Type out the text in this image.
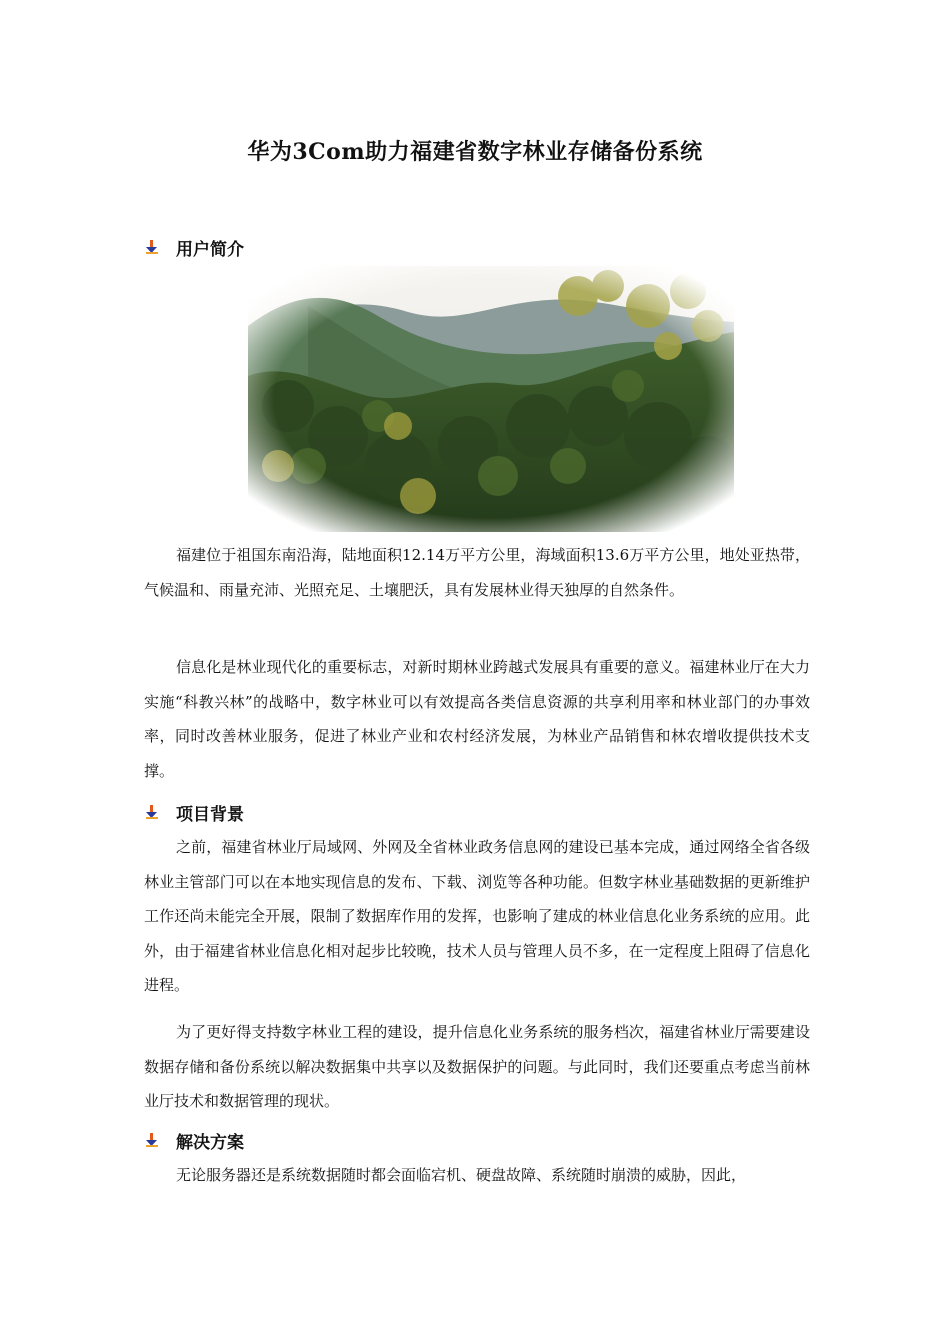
华为3Com助力福建省数字林业存储备份系统
用户简介

福建位于祖国东南沿海，陆地面积12.14万平方公里，海域面积13.6万平方公里，地处亚热带，气候温和、雨量充沛、光照充足、土壤肥沃，具有发展林业得天独厚的自然条件。

信息化是林业现代化的重要标志，对新时期林业跨越式发展具有重要的意义。福建林业厅在大力实施“科教兴林”的战略中，数字林业可以有效提高各类信息资源的共享利用率和林业部门的办事效率，同时改善林业服务，促进了林业产业和农村经济发展，为林业产品销售和林农增收提供技术支撑。

项目背景

之前，福建省林业厅局域网、外网及全省林业政务信息网的建设已基本完成，通过网络全省各级林业主管部门可以在本地实现信息的发布、下载、浏览等各种功能。但数字林业基础数据的更新维护工作还尚未能完全开展，限制了数据库作用的发挥，也影响了建成的林业信息化业务系统的应用。此外，由于福建省林业信息化相对起步比较晚，技术人员与管理人员不多，在一定程度上阻碍了信息化进程。

为了更好得支持数字林业工程的建设，提升信息化业务系统的服务档次，福建省林业厅需要建设数据存储和备份系统以解决数据集中共享以及数据保护的问题。与此同时，我们还要重点考虑当前林业厅技术和数据管理的现状。

解决方案

无论服务器还是系统数据随时都会面临宕机、硬盘故障、系统随时崩溃的威胁，因此，
